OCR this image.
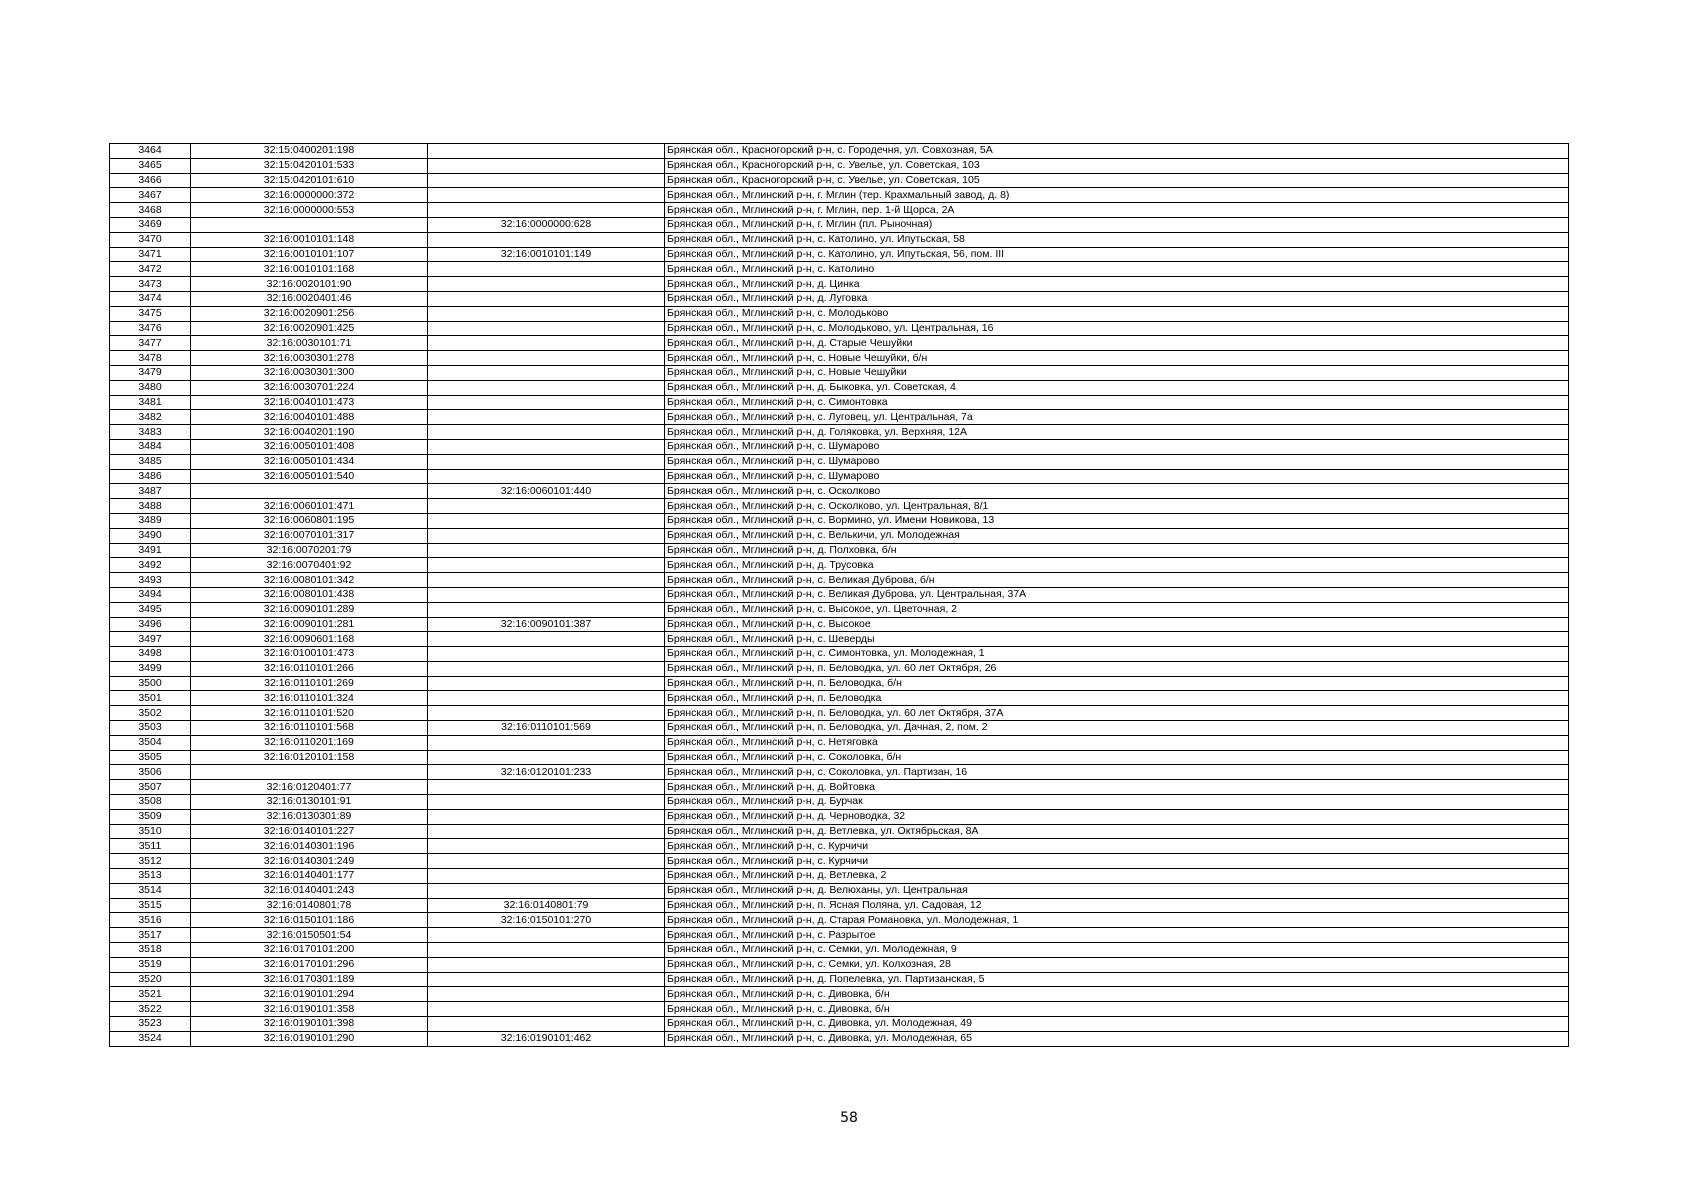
3464	32:15:0400201:198		Брянская обл., Красногорский р-н, с. Городечня, ул. Совхозная, 5А
3465	32:15:0420101:533		Брянская обл., Красногорский р-н, с. Увелье, ул. Советская, 103
3466	32:15:0420101:610		Брянская обл., Красногорский р-н, с. Увелье, ул. Советская, 105
3467	32:16:0000000:372		Брянская обл., Мглинский р-н, г. Мглин (тер. Крахмальный завод, д. 8)
3468	32:16:0000000:553		Брянская обл., Мглинский р-н, г. Мглин, пер. 1-й Щорса, 2А
3469		32:16:0000000:628	Брянская обл., Мглинский р-н, г. Мглин (пл. Рыночная)
3470	32:16:0010101:148		Брянская обл., Мглинский р-н, с. Католино, ул. Ипутьская, 58
3471	32:16:0010101:107	32:16:0010101:149	Брянская обл., Мглинский р-н, с. Католино, ул. Ипутьская, 56, пом. III
3472	32:16:0010101:168		Брянская обл., Мглинский р-н, с. Католино
3473	32:16:0020101:90		Брянская обл., Мглинский р-н, д. Цинка
3474	32:16:0020401:46		Брянская обл., Мглинский р-н, д. Луговка
3475	32:16:0020901:256		Брянская обл., Мглинский р-н, с. Молодьково
3476	32:16:0020901:425		Брянская обл., Мглинский р-н, с. Молодьково, ул. Центральная, 16
3477	32:16:0030101:71		Брянская обл., Мглинский р-н, д. Старые Чешуйки
3478	32:16:0030301:278		Брянская обл., Мглинский р-н, с. Новые Чешуйки, б/н
3479	32:16:0030301:300		Брянская обл., Мглинский р-н, с. Новые Чешуйки
3480	32:16:0030701:224		Брянская обл., Мглинский р-н, д. Быковка, ул. Советская, 4
3481	32:16:0040101:473		Брянская обл., Мглинский р-н, с. Симонтовка
3482	32:16:0040101:488		Брянская обл., Мглинский р-н, с. Луговец, ул. Центральная, 7а
3483	32:16:0040201:190		Брянская обл., Мглинский р-н, д. Голяковка, ул. Верхняя, 12А
3484	32:16:0050101:408		Брянская обл., Мглинский р-н, с. Шумарово
3485	32:16:0050101:434		Брянская обл., Мглинский р-н, с. Шумарово
3486	32:16:0050101:540		Брянская обл., Мглинский р-н, с. Шумарово
3487		32:16:0060101:440	Брянская обл., Мглинский р-н, с. Осколково
3488	32:16:0060101:471		Брянская обл., Мглинский р-н, с. Осколково, ул. Центральная, 8/1
3489	32:16:0060801:195		Брянская обл., Мглинский р-н, с. Вормино, ул. Имени Новикова, 13
3490	32:16:0070101:317		Брянская обл., Мглинский р-н, с. Велькичи, ул. Молодежная
3491	32:16:0070201:79		Брянская обл., Мглинский р-н, д. Полховка, б/н
3492	32:16:0070401:92		Брянская обл., Мглинский р-н, д. Трусовка
3493	32:16:0080101:342		Брянская обл., Мглинский р-н, с. Великая Дуброва, б/н
3494	32:16:0080101:438		Брянская обл., Мглинский р-н, с. Великая Дуброва, ул. Центральная, 37А
3495	32:16:0090101:289		Брянская обл., Мглинский р-н, с. Высокое, ул. Цветочная, 2
3496	32:16:0090101:281	32:16:0090101:387	Брянская обл., Мглинский р-н, с. Высокое
3497	32:16:0090601:168		Брянская обл., Мглинский р-н, с. Шеверды
3498	32:16:0100101:473		Брянская обл., Мглинский р-н, с. Симонтовка, ул. Молодежная, 1
3499	32:16:0110101:266		Брянская обл., Мглинский р-н, п. Беловодка, ул. 60 лет Октября, 26
3500	32:16:0110101:269		Брянская обл., Мглинский р-н, п. Беловодка, б/н
3501	32:16:0110101:324		Брянская обл., Мглинский р-н, п. Беловодка
3502	32:16:0110101:520		Брянская обл., Мглинский р-н, п. Беловодка, ул. 60 лет Октября, 37А
3503	32:16:0110101:568	32:16:0110101:569	Брянская обл., Мглинский р-н, п. Беловодка, ул. Дачная, 2, пом. 2
3504	32:16:0110201:169		Брянская обл., Мглинский р-н, с. Нетяговка
3505	32:16:0120101:158		Брянская обл., Мглинский р-н, с. Соколовка, б/н
3506		32:16:0120101:233	Брянская обл., Мглинский р-н, с. Соколовка, ул. Партизан, 16
3507	32:16:0120401:77		Брянская обл., Мглинский р-н, д. Войтовка
3508	32:16:0130101:91		Брянская обл., Мглинский р-н, д. Бурчак
3509	32:16:0130301:89		Брянская обл., Мглинский р-н, д. Черноводка, 32
3510	32:16:0140101:227		Брянская обл., Мглинский р-н, д. Ветлевка, ул. Октябрьская, 8А
3511	32:16:0140301:196		Брянская обл., Мглинский р-н, с. Курчичи
3512	32:16:0140301:249		Брянская обл., Мглинский р-н, с. Курчичи
3513	32:16:0140401:177		Брянская обл., Мглинский р-н, д. Ветлевка, 2
3514	32:16:0140401:243		Брянская обл., Мглинский р-н, д. Велюханы, ул. Центральная
3515	32:16:0140801:78	32:16:0140801:79	Брянская обл., Мглинский р-н, п. Ясная Поляна, ул. Садовая, 12
3516	32:16:0150101:186	32:16:0150101:270	Брянская обл., Мглинский р-н, д. Старая Романовка, ул. Молодежная, 1
3517	32:16:0150501:54		Брянская обл., Мглинский р-н, с. Разрытое
3518	32:16:0170101:200		Брянская обл., Мглинский р-н, с. Семки, ул. Молодежная, 9
3519	32:16:0170101:296		Брянская обл., Мглинский р-н, с. Семки, ул. Колхозная, 28
3520	32:16:0170301:189		Брянская обл., Мглинский р-н, д. Попелевка, ул. Партизанская, 5
3521	32:16:0190101:294		Брянская обл., Мглинский р-н, с. Дивовка, б/н
3522	32:16:0190101:358		Брянская обл., Мглинский р-н, с. Дивовка, б/н
3523	32:16:0190101:398		Брянская обл., Мглинский р-н, с. Дивовка, ул. Молодежная, 49
3524	32:16:0190101:290	32:16:0190101:462	Брянская обл., Мглинский р-н, с. Дивовка, ул. Молодежная, 65
58
